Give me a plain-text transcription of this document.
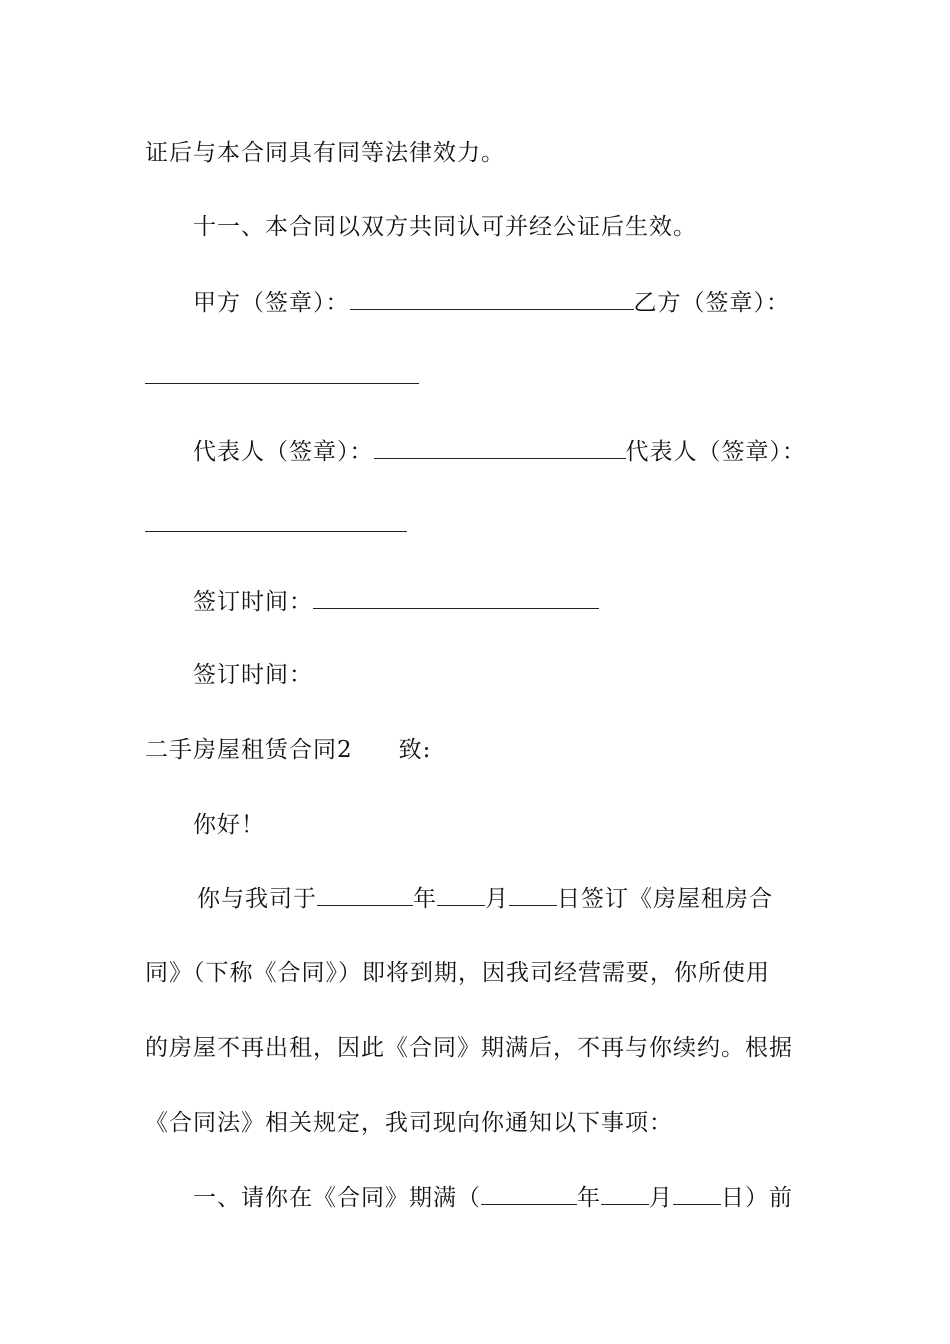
证后与本合同具有同等法律效力。
十一、本合同以双方共同认可并经公证后生效。
甲方（签章）：	乙方（签章）：
代表人（签章）：	代表人（签章）：
签订时间：
签订时间：
二手房屋租赁合同2 致:
你好！
你与我司于	年 月 日签订《房屋租房合
同》（下称《合同》）即将到期，因我司经营需要，你所使用
的房屋不再出租，因此《合同》期满后，不再与你续约。根据
《合同法》相关规定，我司现向你通知以下事项：
一、请你在《合同》期满（	年 月 日）前
